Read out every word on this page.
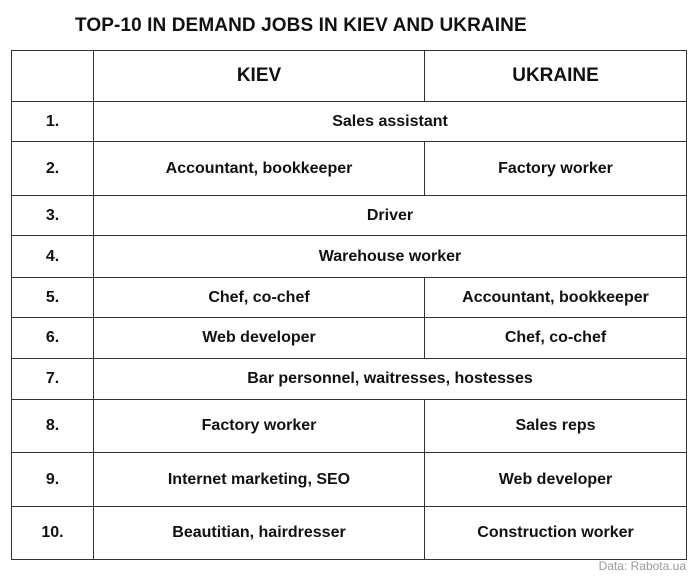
TOP-10 IN DEMAND JOBS IN KIEV AND UKRAINE
	KIEV	UKRAINE
1.	Sales assistant	
2.	Accountant, bookkeeper	Factory worker
3.	Driver	
4.	Warehouse worker	
5.	Chef, co-chef	Accountant, bookkeeper
6.	Web developer	Chef, co-chef
7.	Bar personnel, waitresses, hostesses	
8.	Factory worker	Sales reps
9.	Internet marketing, SEO	Web developer
10.	Beautitian, hairdresser	Construction worker
Data: Rabota.ua
